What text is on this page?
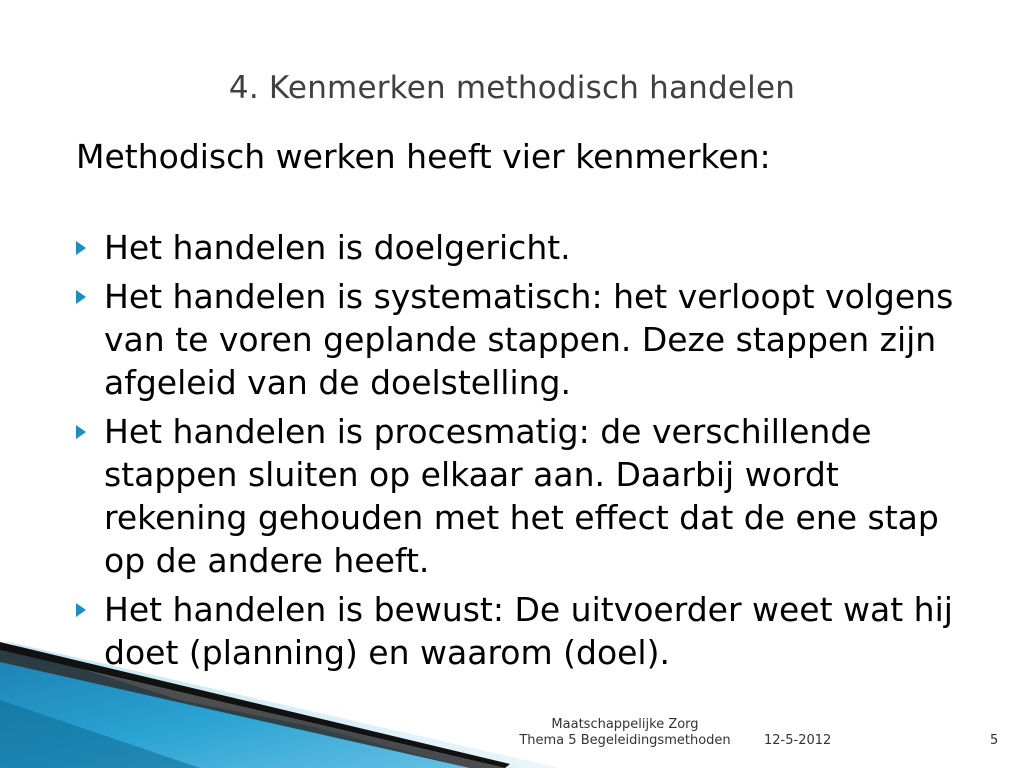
4. Kenmerken methodisch handelen

Methodisch werken heeft vier kenmerken:

Het handelen is doelgericht.
Het handelen is systematisch: het verloopt volgens van te voren geplande stappen. Deze stappen zijn afgeleid van de doelstelling.
Het handelen is procesmatig: de verschillende stappen sluiten op elkaar aan. Daarbij wordt rekening gehouden met het effect dat de ene stap op de andere heeft.
Het handelen is bewust: De uitvoerder weet wat hij doet (planning) en waarom (doel).
Maatschappelijke Zorg
Thema 5 Begeleidingsmethoden	12-5-2012	5
